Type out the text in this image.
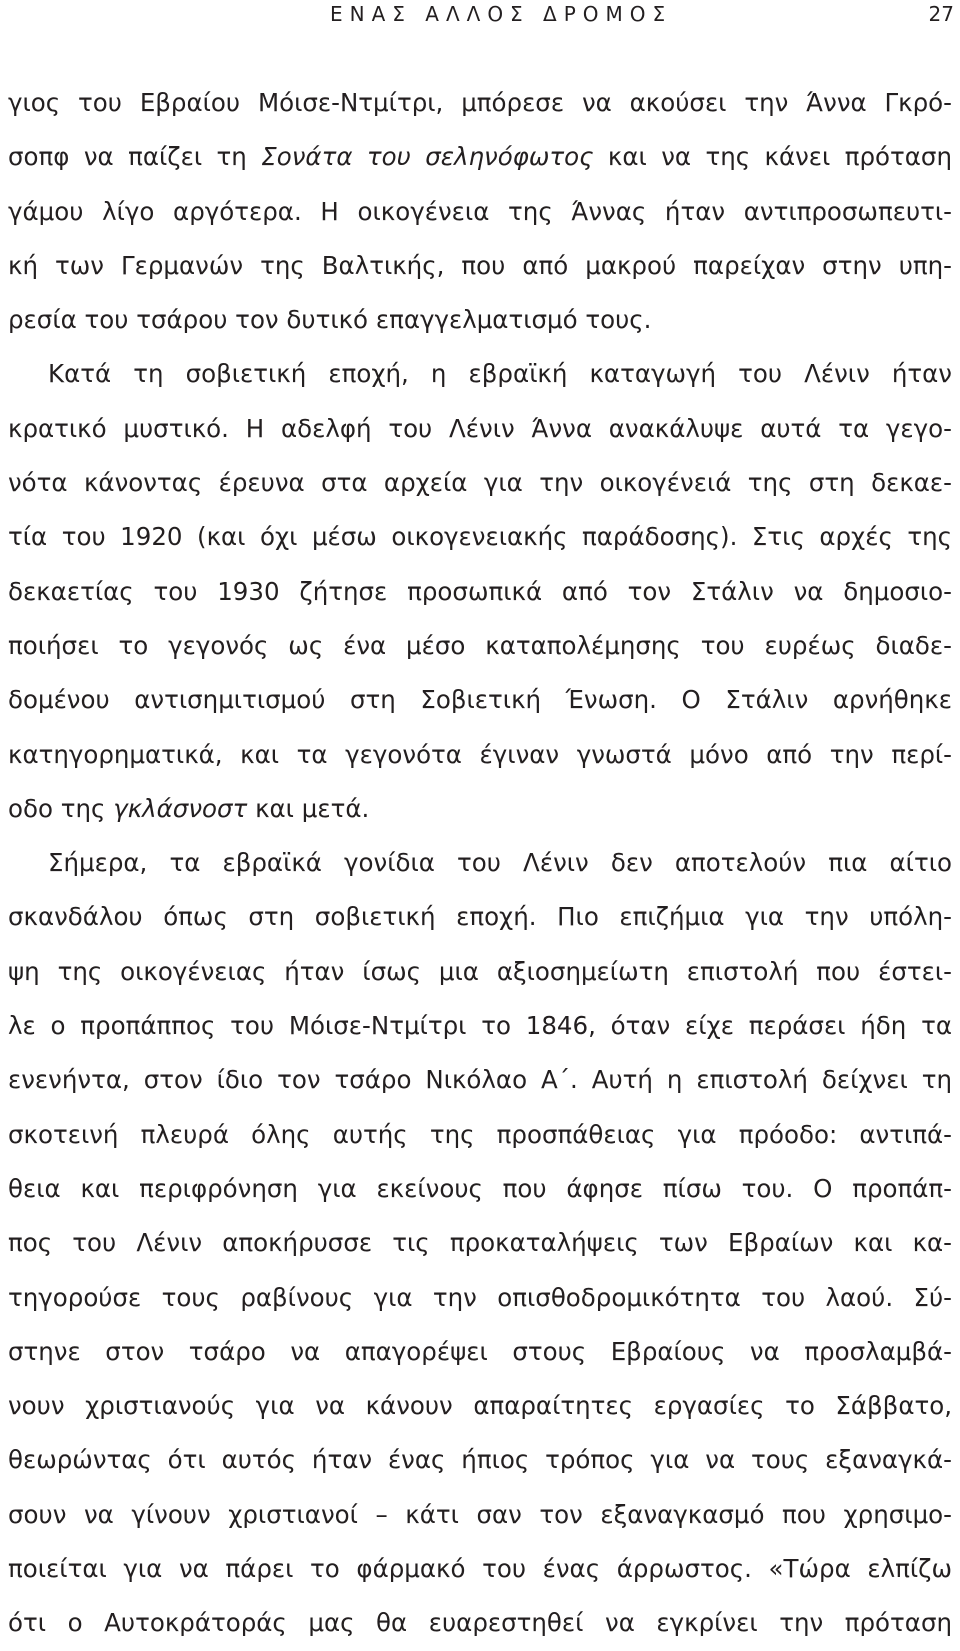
ΕΝΑΣ ΑΛΛΟΣ ΔΡΟΜΟΣ	27
γιος του Εβραίου Μόισε-Ντμίτρι, μπόρεσε να ακούσει την Άννα Γκρό-
σοπφ να παίζει τη Σονάτα του σεληνόφωτος και να της κάνει πρόταση
γάμου λίγο αργότερα. Η οικογένεια της Άννας ήταν αντιπροσωπευτι-
κή των Γερμανών της Βαλτικής, που από μακρού παρείχαν στην υπη-
ρεσία του τσάρου τον δυτικό επαγγελματισμό τους.
Κατά τη σοβιετική εποχή, η εβραϊκή καταγωγή του Λένιν ήταν
κρατικό μυστικό. Η αδελφή του Λένιν Άννα ανακάλυψε αυτά τα γεγο-
νότα κάνοντας έρευνα στα αρχεία για την οικογένειά της στη δεκαε-
τία του 1920 (και όχι μέσω οικογενειακής παράδοσης). Στις αρχές της
δεκαετίας του 1930 ζήτησε προσωπικά από τον Στάλιν να δημοσιο-
ποιήσει το γεγονός ως ένα μέσο καταπολέμησης του ευρέως διαδε-
δομένου αντισημιτισμού στη Σοβιετική Ένωση. Ο Στάλιν αρνήθηκε
κατηγορηματικά, και τα γεγονότα έγιναν γνωστά μόνο από την περί-
οδο της γκλάσνοστ και μετά.
Σήμερα, τα εβραϊκά γονίδια του Λένιν δεν αποτελούν πια αίτιο
σκανδάλου όπως στη σοβιετική εποχή. Πιο επιζήμια για την υπόλη-
ψη της οικογένειας ήταν ίσως μια αξιοσημείωτη επιστολή που έστει-
λε ο προπάππος του Μόισε-Ντμίτρι το 1846, όταν είχε περάσει ήδη τα
ενενήντα, στον ίδιο τον τσάρο Νικόλαο Α΄. Αυτή η επιστολή δείχνει τη
σκοτεινή πλευρά όλης αυτής της προσπάθειας για πρόοδο: αντιπά-
θεια και περιφρόνηση για εκείνους που άφησε πίσω του. Ο προπάπ-
πος του Λένιν αποκήρυσσε τις προκαταλήψεις των Εβραίων και κα-
τηγορούσε τους ραβίνους για την οπισθοδρομικότητα του λαού. Σύ-
στηνε στον τσάρο να απαγορέψει στους Εβραίους να προσλαμβά-
νουν χριστιανούς για να κάνουν απαραίτητες εργασίες το Σάββατο,
θεωρώντας ότι αυτός ήταν ένας ήπιος τρόπος για να τους εξαναγκά-
σουν να γίνουν χριστιανοί – κάτι σαν τον εξαναγκασμό που χρησιμο-
ποιείται για να πάρει το φάρμακό του ένας άρρωστος. «Τώρα ελπίζω
ότι ο Αυτοκράτοράς μας θα ευαρεστηθεί να εγκρίνει την πρόταση
